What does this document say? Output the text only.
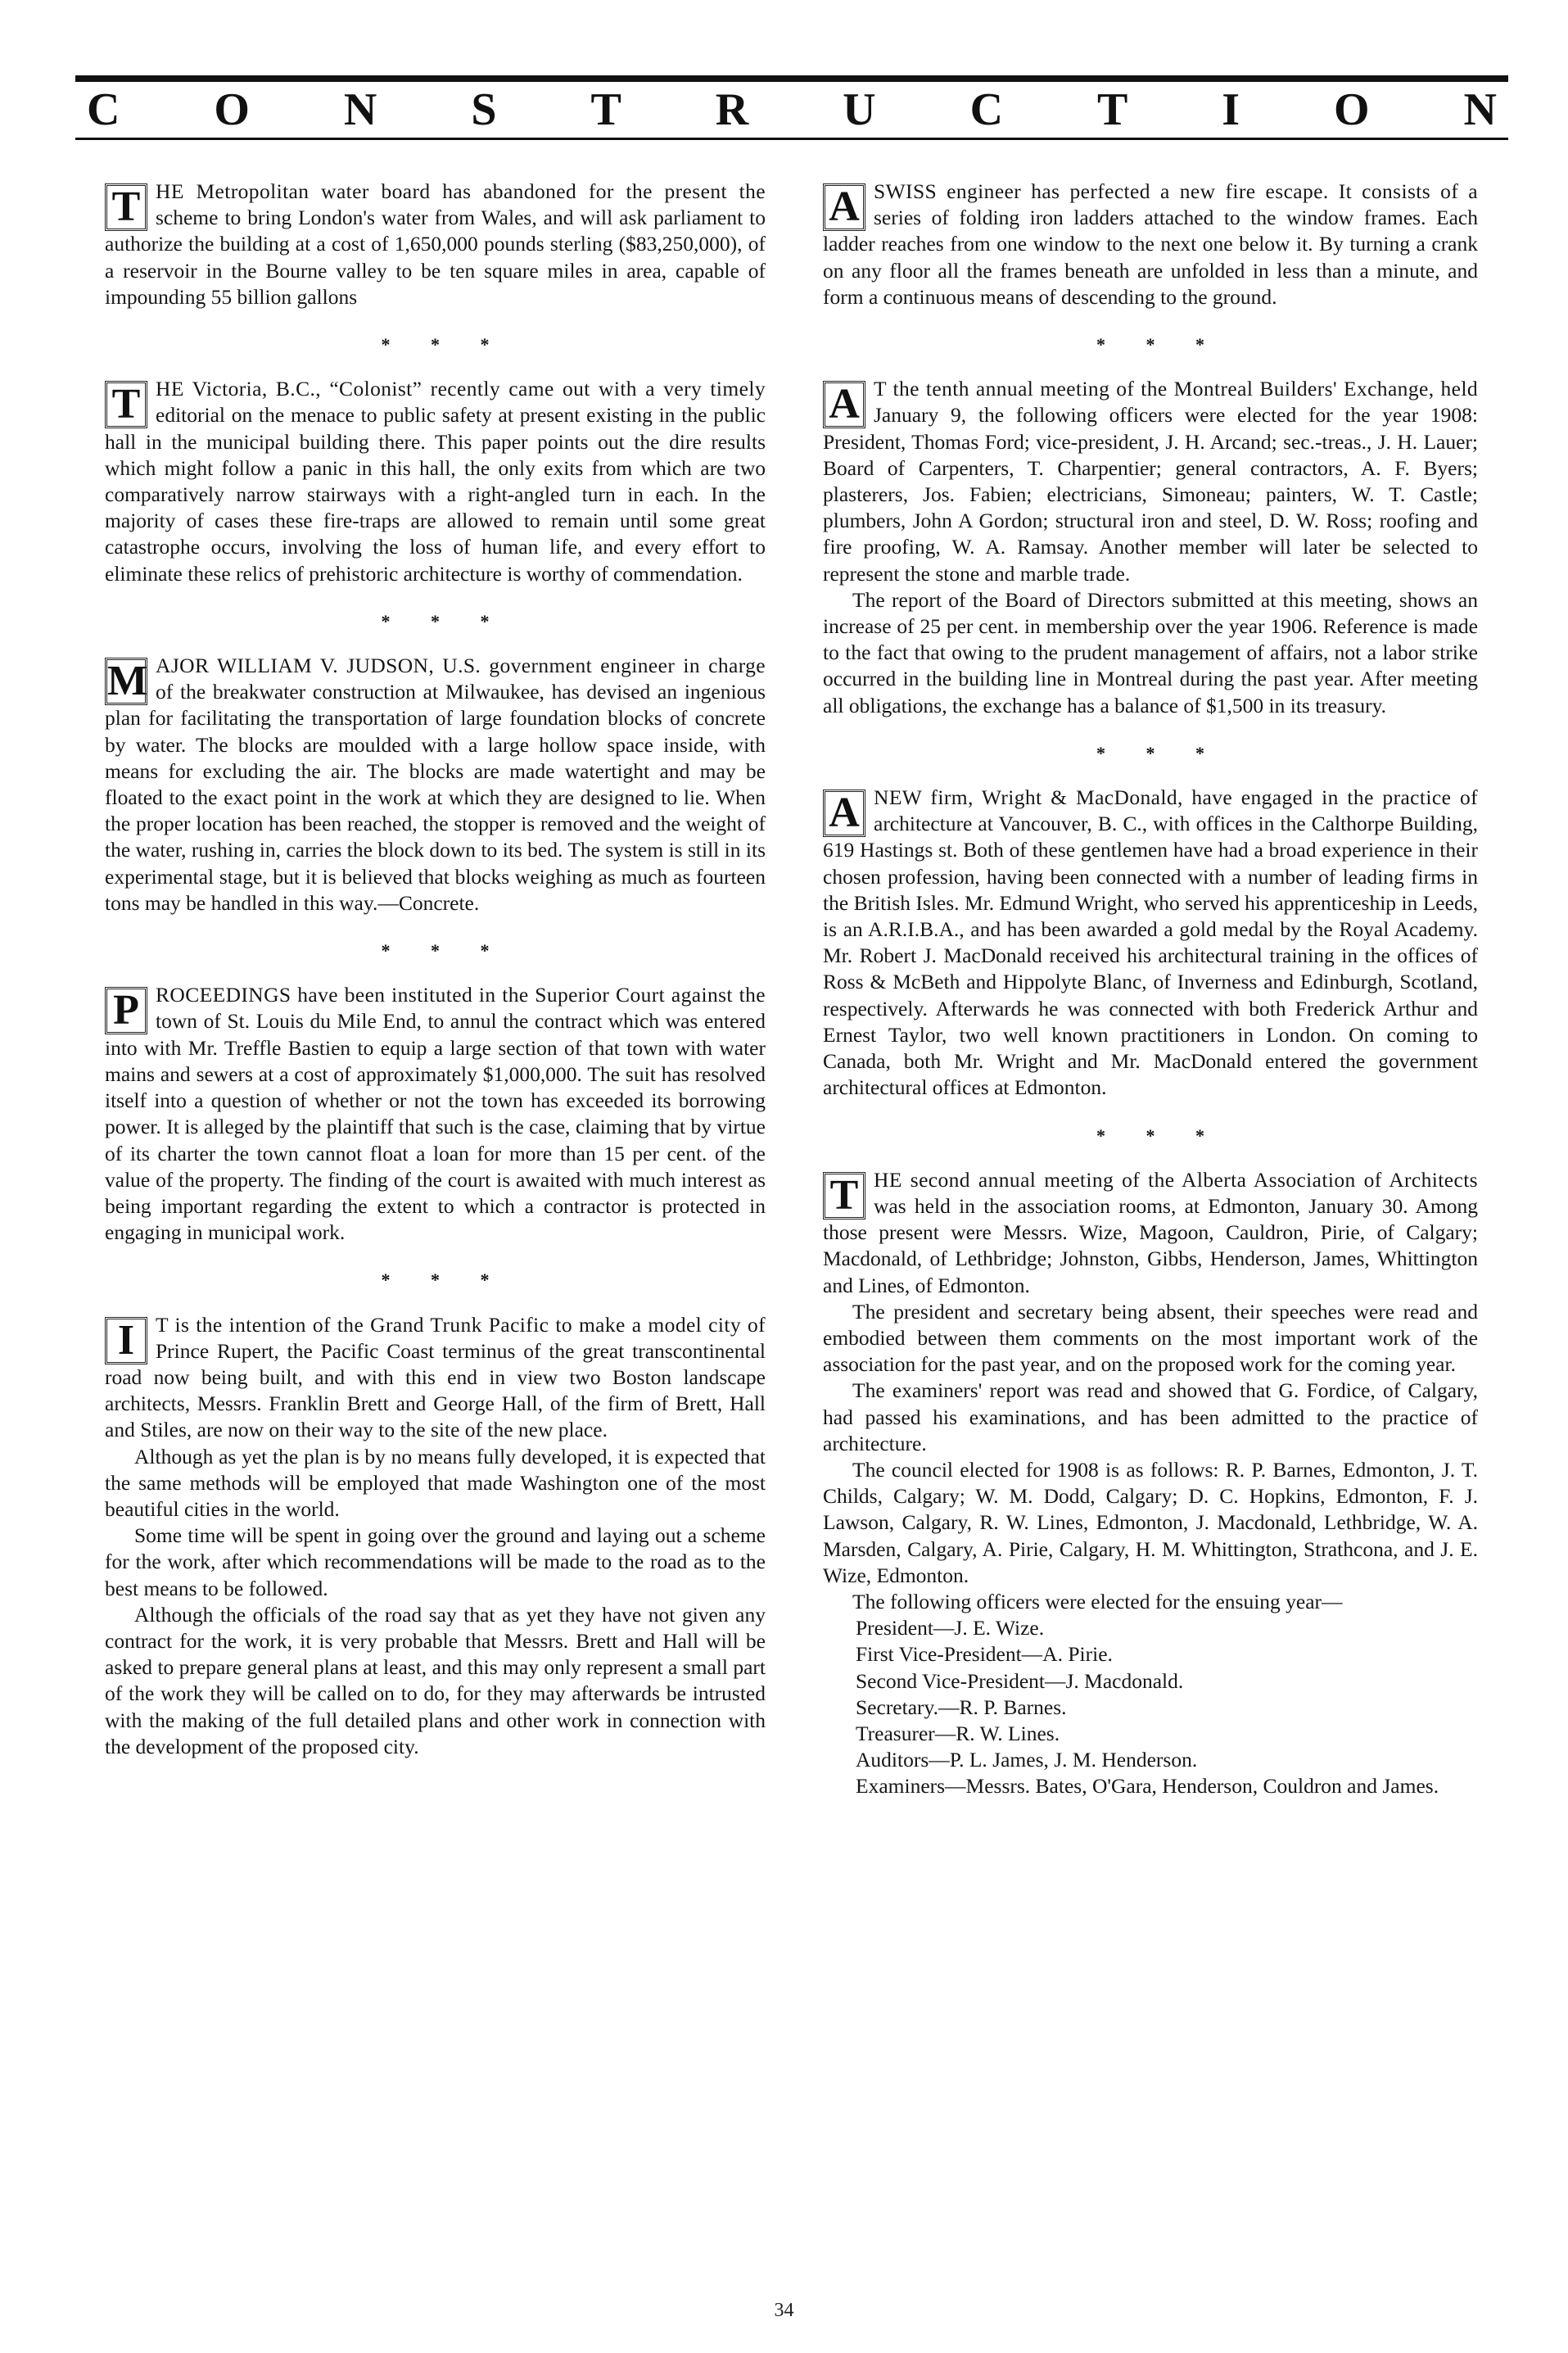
C O N S T R U C T I O N
T HE Metropolitan water board has abandoned for the present the scheme to bring London's water from Wales, and will ask parliament to authorize the building at a cost of 1,650,000 pounds sterling ($83,250,000), of a reservoir in the Bourne valley to be ten square miles in area, capable of impounding 55 billion gallons

* * *
T HE Victoria, B.C., “Colonist” recently came out with a very timely editorial on the menace to public safety at present existing in the public hall in the municipal building there. This paper points out the dire results which might follow a panic in this hall, the only exits from which are two comparatively narrow stairways with a right-angled turn in each. In the majority of cases these fire-traps are allowed to remain until some great catastrophe occurs, involving the loss of human life, and every effort to eliminate these relics of prehistoric architecture is worthy of commendation.

* * *
M AJOR WILLIAM V. JUDSON, U.S. government engineer in charge of the breakwater construction at Milwaukee, has devised an ingenious plan for facilitating the transportation of large foundation blocks of concrete by water. The blocks are moulded with a large hollow space inside, with means for excluding the air. The blocks are made watertight and may be floated to the exact point in the work at which they are designed to lie. When the proper location has been reached, the stopper is removed and the weight of the water, rushing in, carries the block down to its bed. The system is still in its experimental stage, but it is believed that blocks weighing as much as fourteen tons may be handled in this way.—Concrete.

* * *
P ROCEEDINGS have been instituted in the Superior Court against the town of St. Louis du Mile End, to annul the contract which was entered into with Mr. Treffle Bastien to equip a large section of that town with water mains and sewers at a cost of approximately $1,000,000. The suit has resolved itself into a question of whether or not the town has exceeded its borrowing power. It is alleged by the plaintiff that such is the case, claiming that by virtue of its charter the town cannot float a loan for more than 15 per cent. of the value of the property. The finding of the court is awaited with much interest as being important regarding the extent to which a contractor is protected in engaging in municipal work.

* * *
I	T is the intention of the Grand Trunk Pacific to make a model city of Prince Rupert, the Pacific Coast terminus of the great transcontinental road now being built, and with this end in view two Boston landscape architects, Messrs. Franklin Brett and George Hall, of the firm of Brett, Hall and Stiles, are now on their way to the site of the new place.

Although as yet the plan is by no means fully developed, it is expected that the same methods will be employed that made Washington one of the most beautiful cities in the world.

Some time will be spent in going over the ground and laying out a scheme for the work, after which recommendations will be made to the road as to the best means to be followed.

Although the officials of the road say that as yet they have not given any contract for the work, it is very probable that Messrs. Brett and Hall will be asked to prepare general plans at least, and this may only represent a small part of the work they will be called on to do, for they may afterwards be intrusted with the making of the full detailed plans and other work in connection with the development of the proposed city.

A SWISS engineer has perfected a new fire escape. It consists of a series of folding iron ladders attached to the window frames. Each ladder reaches from one window to the next one below it. By turning a crank on any floor all the frames beneath are unfolded in less than a minute, and form a continuous means of descending to the ground.

* * *
A T the tenth annual meeting of the Montreal Builders' Exchange, held January 9, the following officers were elected for the year 1908: President, Thomas Ford; vice-president, J. H. Arcand; sec.-treas., J. H. Lauer; Board of Carpenters, T. Charpentier; general contractors, A. F. Byers; plasterers, Jos. Fabien; electricians, Simoneau; painters, W. T. Castle; plumbers, John A Gordon; structural iron and steel, D. W. Ross; roofing and fire proofing, W. A. Ramsay. Another member will later be selected to represent the stone and marble trade.

The report of the Board of Directors submitted at this meeting, shows an increase of 25 per cent. in membership over the year 1906. Reference is made to the fact that owing to the prudent management of affairs, not a labor strike occurred in the building line in Montreal during the past year. After meeting all obligations, the exchange has a balance of $1,500 in its treasury.

* * *
A NEW firm, Wright & MacDonald, have engaged in the practice of architecture at Vancouver, B. C., with offices in the Calthorpe Building, 619 Hastings st. Both of these gentlemen have had a broad experience in their chosen profession, having been connected with a number of leading firms in the British Isles. Mr. Edmund Wright, who served his apprenticeship in Leeds, is an A.R.I.B.A., and has been awarded a gold medal by the Royal Academy. Mr. Robert J. MacDonald received his architectural training in the offices of Ross & McBeth and Hippolyte Blanc, of Inverness and Edinburgh, Scotland, respectively. Afterwards he was connected with both Frederick Arthur and Ernest Taylor, two well known practitioners in London. On coming to Canada, both Mr. Wright and Mr. MacDonald entered the government architectural offices at Edmonton.

* * *
T HE second annual meeting of the Alberta Association of Architects was held in the association rooms, at Edmonton, January 30. Among those present were Messrs. Wize, Magoon, Cauldron, Pirie, of Calgary; Macdonald, of Lethbridge; Johnston, Gibbs, Henderson, James, Whittington and Lines, of Edmonton.

The president and secretary being absent, their speeches were read and embodied between them comments on the most important work of the association for the past year, and on the proposed work for the coming year.

The examiners' report was read and showed that G. Fordice, of Calgary, had passed his examinations, and has been admitted to the practice of architecture.

The council elected for 1908 is as follows: R. P. Barnes, Edmonton, J. T. Childs, Calgary; W. M. Dodd, Calgary; D. C. Hopkins, Edmonton, F. J. Lawson, Calgary, R. W. Lines, Edmonton, J. Macdonald, Lethbridge, W. A. Marsden, Calgary, A. Pirie, Calgary, H. M. Whittington, Strathcona, and J. E. Wize, Edmonton.

The following officers were elected for the ensuing year—

President—J. E. Wize.
First Vice-President—A. Pirie.
Second Vice-President—J. Macdonald.
Secretary.—R. P. Barnes.
Treasurer—R. W. Lines.
Auditors—P. L. James, J. M. Henderson.
Examiners—Messrs. Bates, O'Gara, Henderson, Couldron and James.
34
